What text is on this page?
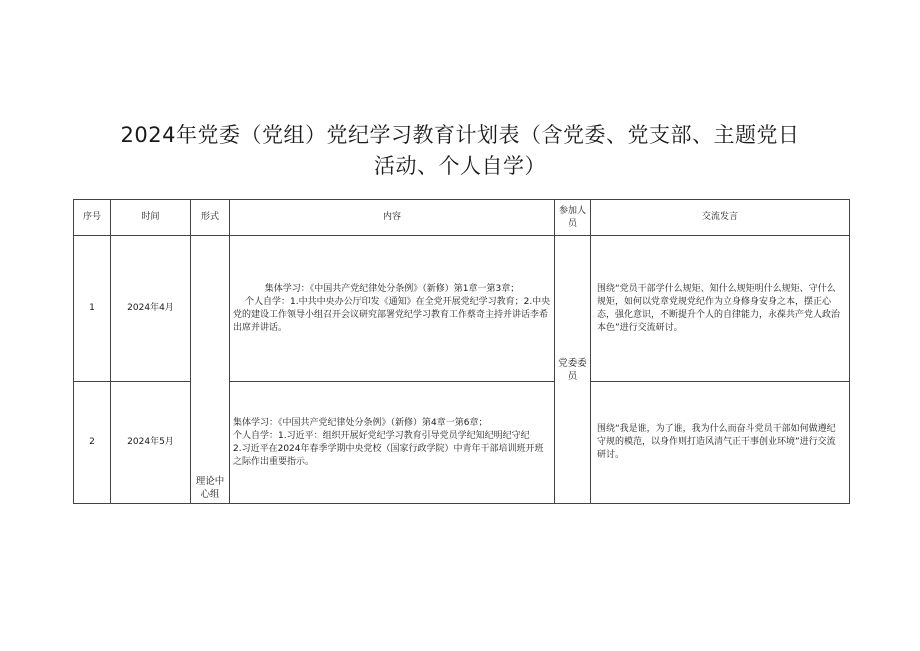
2024年党委（党组）党纪学习教育计划表（含党委、党支部、主题党日
活动、个人自学）
序号	时间	形式	内容	参加人员	交流发言
1	2024年4月	理论中心组	集体学习：《中国共产党纪律处分条例》（新修）第1章一第3章；
个人自学：1.中共中央办公厅印发《通知》在全党开展党纪学习教育；2.中央党的建设工作领导小组召开会议研究部署党纪学习教育工作蔡奇主持并讲话李希出席并讲话。	党委委员	围绕“党员干部学什么规矩、知什么规矩明什么规矩、守什么规矩，如何以党章党规党纪作为立身修身安身之本，摆正心态，强化意识，不断提升个人的自律能力，永葆共产党人政治本色”进行交流研讨。
2	2024年5月		集体学习：《中国共产党纪律处分条例》（新修）第4章一第6章；
个人自学：1.习近平：组织开展好党纪学习教育引导党员学纪知纪明纪守纪
2.习近平在2024年春季学期中央党校（国家行政学院）中青年干部培训班开班之际作出重要指示。		围绕“我是谁，为了谁，我为什么而奋斗党员干部如何做遵纪守规的模范，以身作则打造风清气正干事创业环境”进行交流研讨。
